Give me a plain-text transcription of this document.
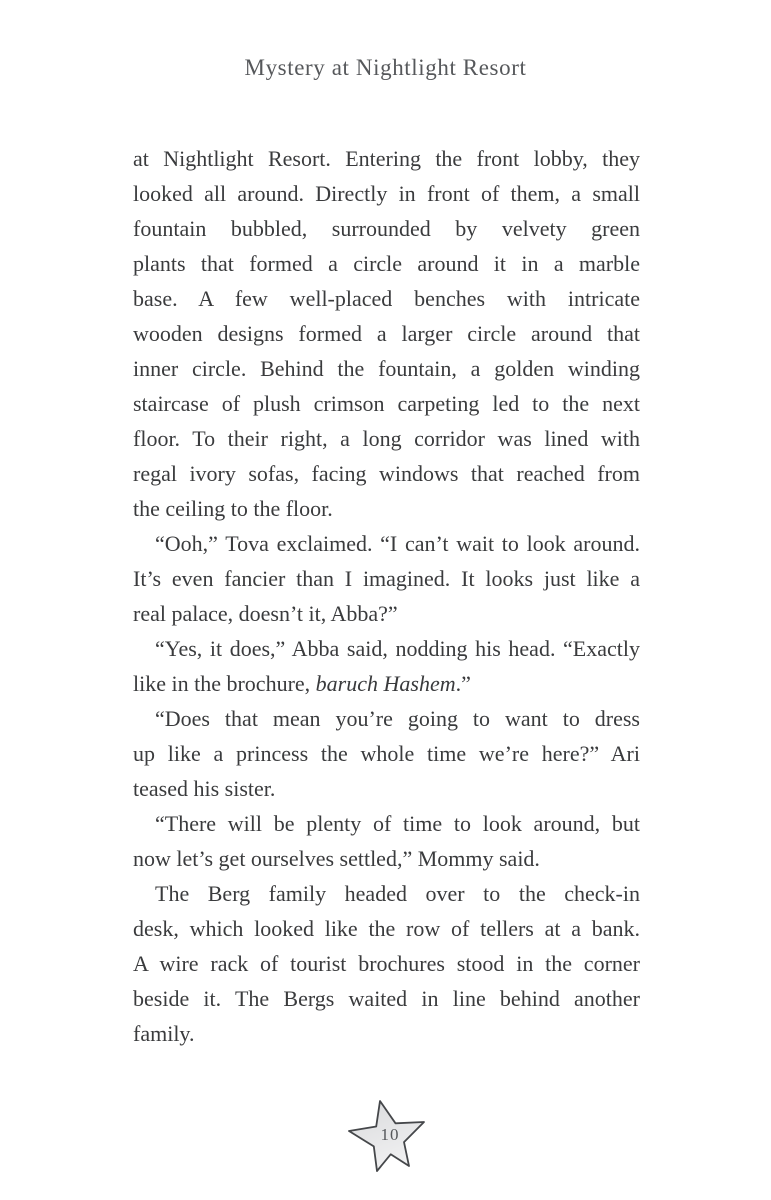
Mystery at Nightlight Resort
at Nightlight Resort. Entering the front lobby, they
looked all around. Directly in front of them, a small
fountain bubbled, surrounded by velvety green
plants that formed a circle around it in a marble
base. A few well-placed benches with intricate
wooden designs formed a larger circle around that
inner circle. Behind the fountain, a golden winding
staircase of plush crimson carpeting led to the next
floor. To their right, a long corridor was lined with
regal ivory sofas, facing windows that reached from
the ceiling to the floor.
“Ooh,” Tova exclaimed. “I can’t wait to look around.
It’s even fancier than I imagined. It looks just like a
real palace, doesn’t it, Abba?”
“Yes, it does,” Abba said, nodding his head. “Exactly
like in the brochure, baruch Hashem.”
“Does that mean you’re going to want to dress
up like a princess the whole time we’re here?” Ari
teased his sister.
“There will be plenty of time to look around, but
now let’s get ourselves settled,” Mommy said.
The Berg family headed over to the check-in
desk, which looked like the row of tellers at a bank.
A wire rack of tourist brochures stood in the corner
beside it. The Bergs waited in line behind another
family.
10
